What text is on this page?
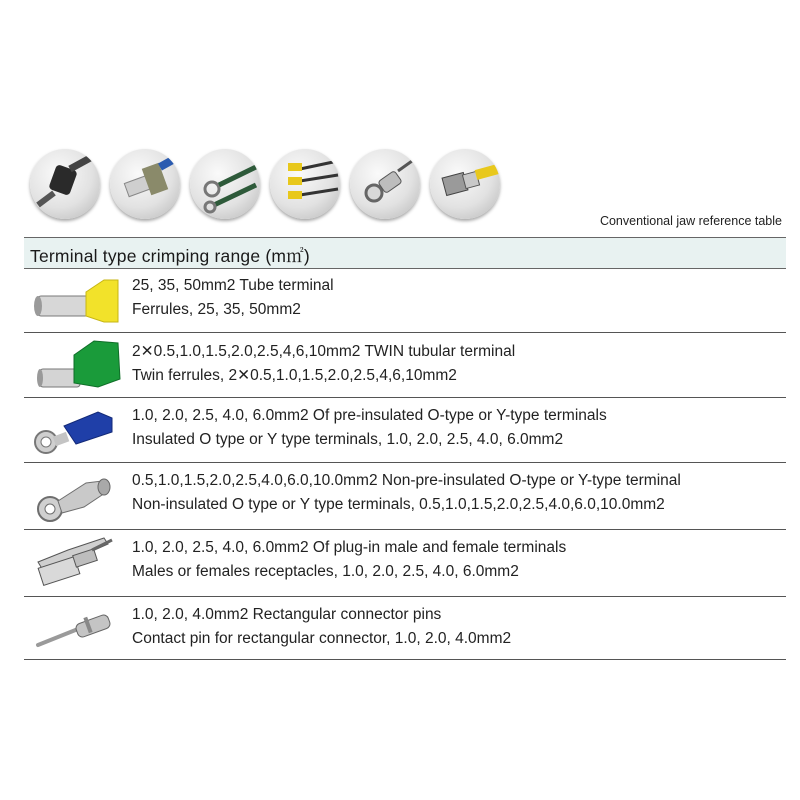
Conventional jaw reference table
Terminal type crimping range (m㎡)
25, 35, 50mm2 Tube terminal
Ferrules, 25, 35, 50mm2
2✕0.5,1.0,1.5,2.0,2.5,4,6,10mm2 TWIN tubular terminal
Twin ferrules, 2✕0.5,1.0,1.5,2.0,2.5,4,6,10mm2
1.0, 2.0, 2.5, 4.0, 6.0mm2 Of pre-insulated O-type or Y-type terminals
Insulated O type or Y type terminals, 1.0, 2.0, 2.5, 4.0, 6.0mm2
0.5,1.0,1.5,2.0,2.5,4.0,6.0,10.0mm2 Non-pre-insulated O-type or Y-type terminal
Non-insulated O type or Y type terminals, 0.5,1.0,1.5,2.0,2.5,4.0,6.0,10.0mm2
1.0, 2.0, 2.5, 4.0, 6.0mm2 Of plug-in male and female terminals
Males or females receptacles, 1.0, 2.0, 2.5, 4.0, 6.0mm2
1.0, 2.0, 4.0mm2 Rectangular connector pins
Contact pin for rectangular connector, 1.0, 2.0, 4.0mm2
